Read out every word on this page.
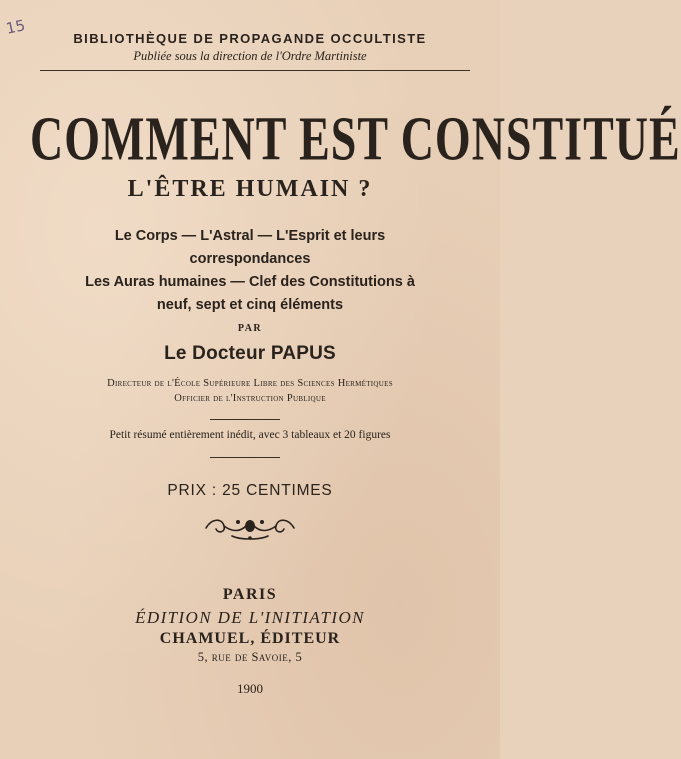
15
BIBLIOTHÈQUE DE PROPAGANDE OCCULTISTE
Publiée sous la direction de l'Ordre Martiniste
COMMENT EST CONSTITUÉ
L'ÊTRE HUMAIN ?
Le Corps — L'Astral — L'Esprit et leurs
correspondances
Les Auras humaines — Clef des Constitutions à
neuf, sept et cinq éléments
PAR
Le Docteur PAPUS
Directeur de l'École Supérieure Libre des Sciences Hermétiques
Officier de l'Instruction Publique
Petit résumé entièrement inédit, avec 3 tableaux et 20 figures
PRIX : 25 CENTIMES
PARIS
ÉDITION DE L'INITIATION
CHAMUEL, ÉDITEUR
5, rue de Savoie, 5
1900
